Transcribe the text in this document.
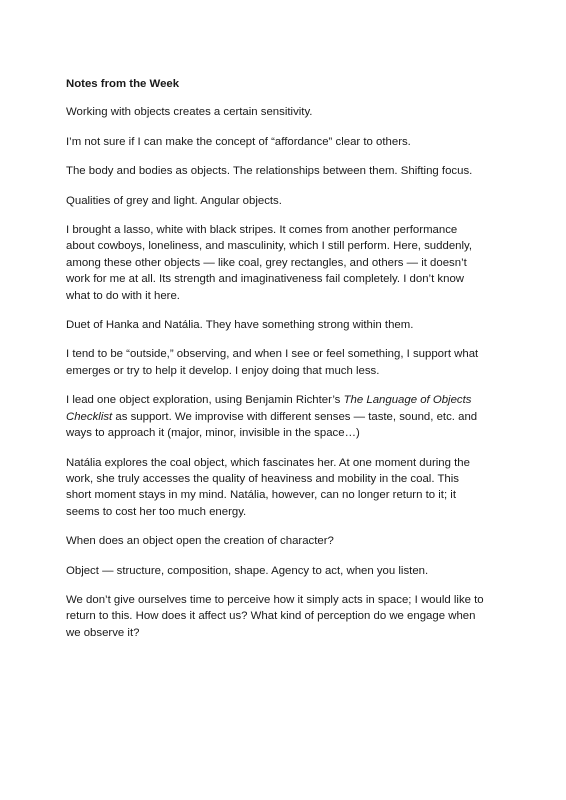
Notes from the Week

Working with objects creates a certain sensitivity.

I’m not sure if I can make the concept of “affordance” clear to others.

The body and bodies as objects. The relationships between them. Shifting focus.

Qualities of grey and light. Angular objects.

I brought a lasso, white with black stripes. It comes from another performance about cowboys, loneliness, and masculinity, which I still perform. Here, suddenly, among these other objects — like coal, grey rectangles, and others — it doesn’t work for me at all. Its strength and imaginativeness fail completely. I don’t know what to do with it here.

Duet of Hanka and Natália. They have something strong within them.

I tend to be “outside,” observing, and when I see or feel something, I support what emerges or try to help it develop. I enjoy doing that much less.

I lead one object exploration, using Benjamin Richter’s The Language of Objects Checklist as support. We improvise with different senses — taste, sound, etc. and ways to approach it (major, minor, invisible in the space…)

Natália explores the coal object, which fascinates her. At one moment during the work, she truly accesses the quality of heaviness and mobility in the coal. This short moment stays in my mind. Natália, however, can no longer return to it; it seems to cost her too much energy.

When does an object open the creation of character?

Object — structure, composition, shape. Agency to act, when you listen.

We don’t give ourselves time to perceive how it simply acts in space; I would like to return to this. How does it affect us? What kind of perception do we engage when we observe it?
